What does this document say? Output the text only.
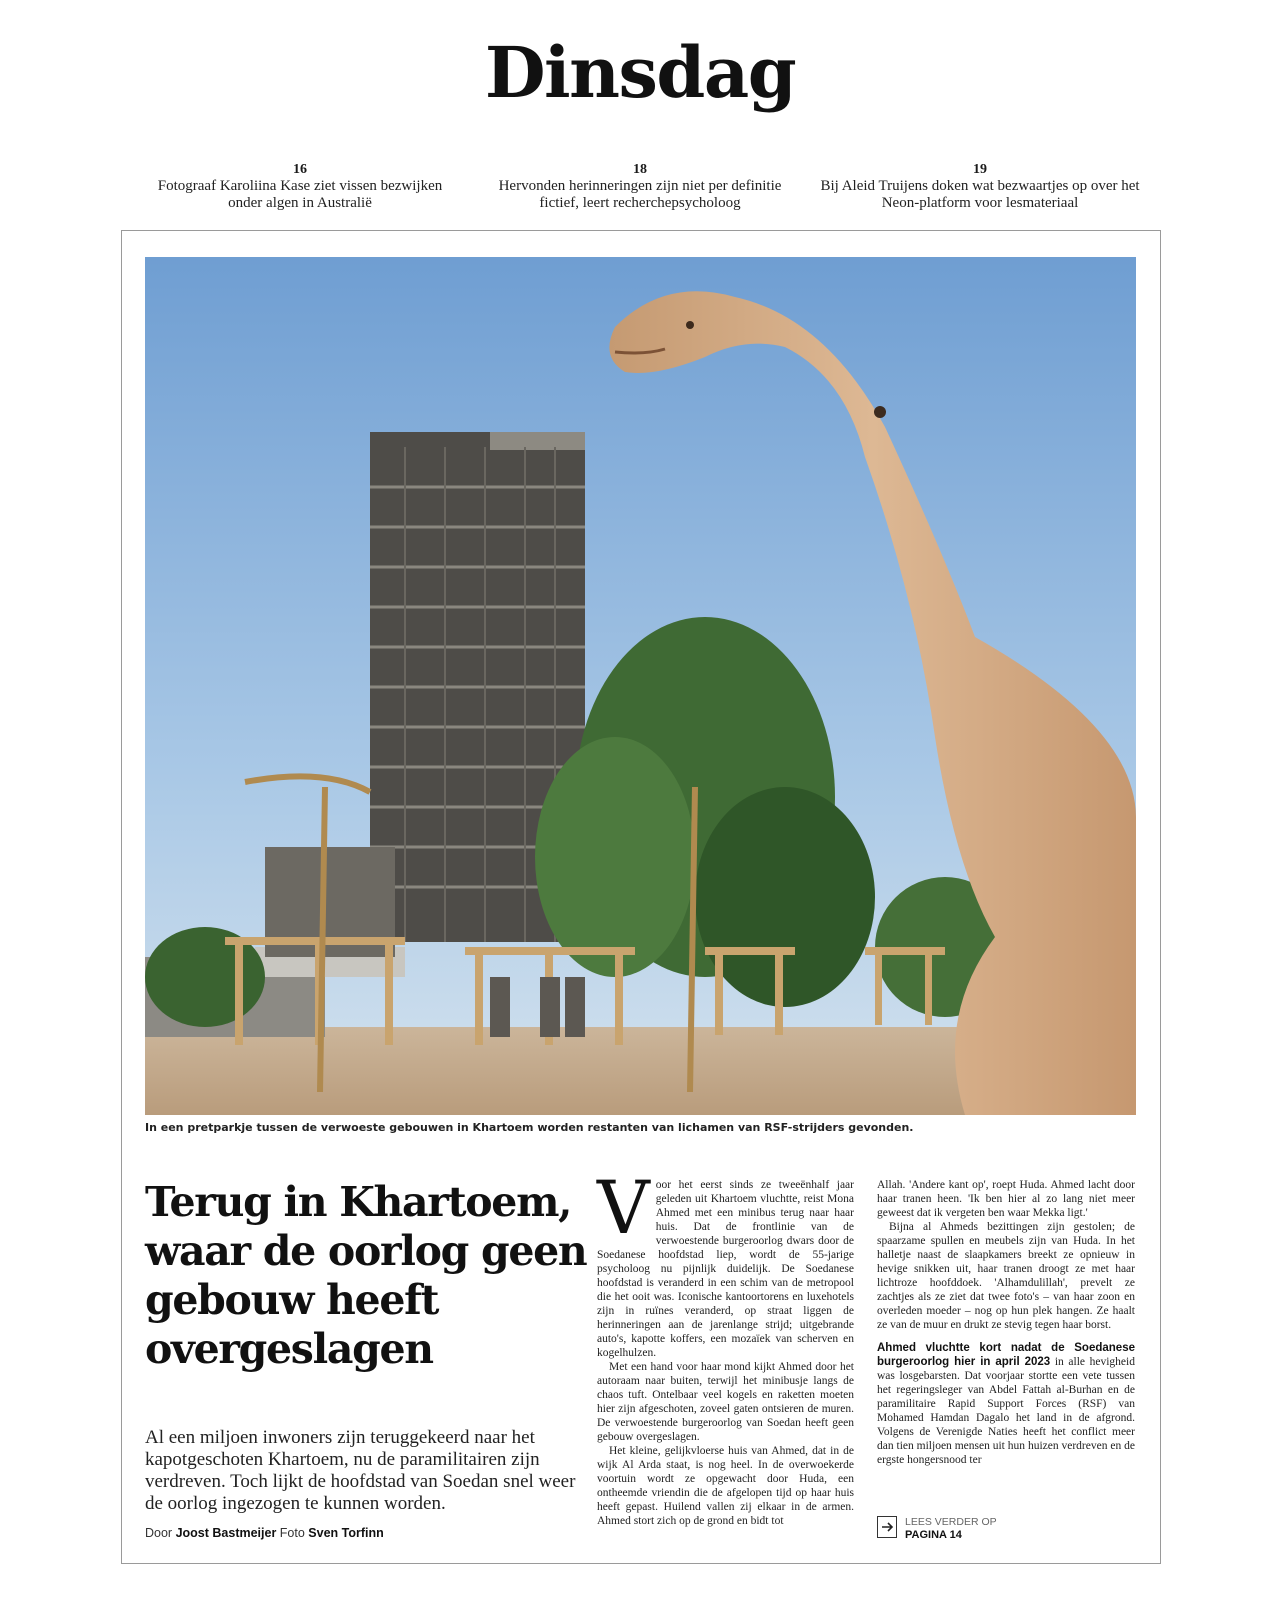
Dinsdag
16
Fotograaf Karoliina Kase ziet vissen bezwijken onder algen in Australië
18
Hervonden herinneringen zijn niet per definitie fictief, leert recherchepsycholoog
19
Bij Aleid Truijens doken wat bezwaartjes op over het Neon-platform voor lesmateriaal
In een pretparkje tussen de verwoeste gebouwen in Khartoem worden restanten van lichamen van RSF-strijders gevonden.
Terug in Khartoem, waar de oorlog geen gebouw heeft overgeslagen

Al een miljoen inwoners zijn teruggekeerd naar het kapotgeschoten Khartoem, nu de paramilitairen zijn verdreven. Toch lijkt de hoofdstad van Soedan snel weer de oorlog ingezogen te kunnen worden.

Door Joost Bastmeijer Foto Sven Torfinn

Voor het eerst sinds ze tweeënhalf jaar geleden uit Khartoem vluchtte, reist Mona Ahmed met een minibus terug naar haar huis. Dat de frontlinie van de verwoestende burgeroorlog dwars door de Soedanese hoofdstad liep, wordt de 55-jarige psycholoog nu pijnlijk duidelijk. De Soedanese hoofdstad is veranderd in een schim van de metropool die het ooit was. Iconische kantoortorens en luxehotels zijn in ruïnes veranderd, op straat liggen de herinneringen aan de jarenlange strijd; uitgebrande auto's, kapotte koffers, een mozaïek van scherven en kogelhulzen.

Met een hand voor haar mond kijkt Ahmed door het autoraam naar buiten, terwijl het minibusje langs de chaos tuft. Ontelbaar veel kogels en raketten moeten hier zijn afgeschoten, zoveel gaten ontsieren de muren. De verwoestende burgeroorlog van Soedan heeft geen gebouw overgeslagen.

Het kleine, gelijkvloerse huis van Ahmed, dat in de wijk Al Arda staat, is nog heel. In de overwoekerde voortuin wordt ze opgewacht door Huda, een ontheemde vriendin die de afgelopen tijd op haar huis heeft gepast. Huilend vallen zij elkaar in de armen. Ahmed stort zich op de grond en bidt tot

Allah. 'Andere kant op', roept Huda. Ahmed lacht door haar tranen heen. 'Ik ben hier al zo lang niet meer geweest dat ik vergeten ben waar Mekka ligt.'

Bijna al Ahmeds bezittingen zijn gestolen; de spaarzame spullen en meubels zijn van Huda. In het halletje naast de slaapkamers breekt ze opnieuw in hevige snikken uit, haar tranen droogt ze met haar lichtroze hoofddoek. 'Alhamdulillah', prevelt ze zachtjes als ze ziet dat twee foto's – van haar zoon en overleden moeder – nog op hun plek hangen. Ze haalt ze van de muur en drukt ze stevig tegen haar borst.

Ahmed vluchtte kort nadat de Soedanese burgeroorlog hier in april 2023 in alle hevigheid was losgebarsten. Dat voorjaar stortte een vete tussen het regeringsleger van Abdel Fattah al-Burhan en de paramilitaire Rapid Support Forces (RSF) van Mohamed Hamdan Dagalo het land in de afgrond. Volgens de Verenigde Naties heeft het conflict meer dan tien miljoen mensen uit hun huizen verdreven en de ergste hongersnood ter

LEES VERDER OP
PAGINA 14
